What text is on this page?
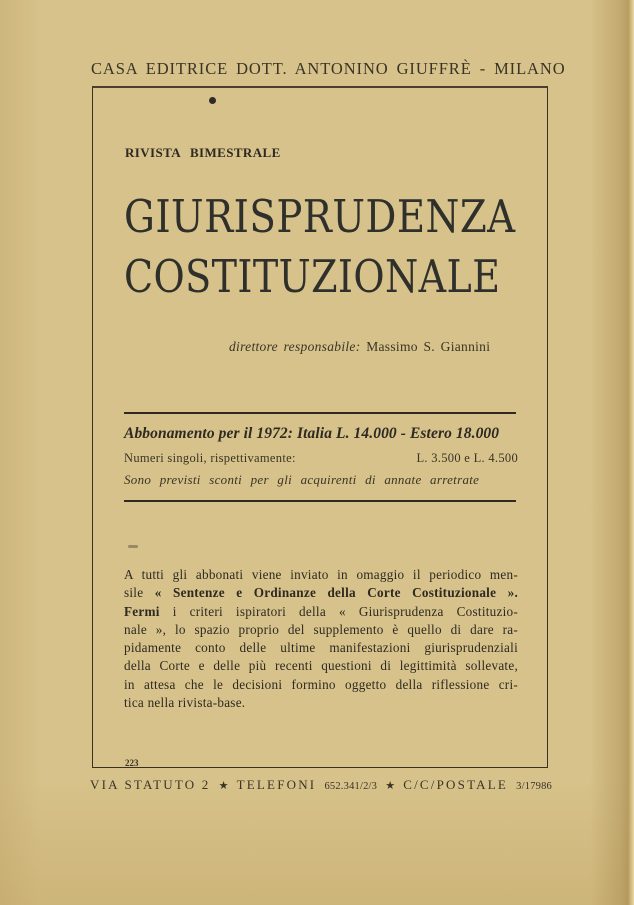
CASA EDITRICE DOTT. ANTONINO GIUFFRÈ - MILANO
RIVISTA BIMESTRALE
GIURISPRUDENZA
COSTITUZIONALE
direttore responsabile: Massimo S. Giannini
Abbonamento per il 1972: Italia L. 14.000 - Estero 18.000
Numeri singoli, rispettivamente:	L. 3.500 e L. 4.500
Sono previsti sconti per gli acquirenti di annate arretrate
A tutti gli abbonati viene inviato in omaggio il periodico men-
sile « Sentenze e Ordinanze della Corte Costituzionale ».
Fermi i criteri ispiratori della « Giurisprudenza Costituzio-
nale », lo spazio proprio del supplemento è quello di dare ra-
pidamente conto delle ultime manifestazioni giurisprudenziali
della Corte e delle più recenti questioni di legittimità sollevate,
in attesa che le decisioni formino oggetto della riflessione cri-
tica nella rivista-base.
223
VIA STATUTO 2 ★ TELEFONI 652.341/2/3 ★ C/C/POSTALE 3/17986
